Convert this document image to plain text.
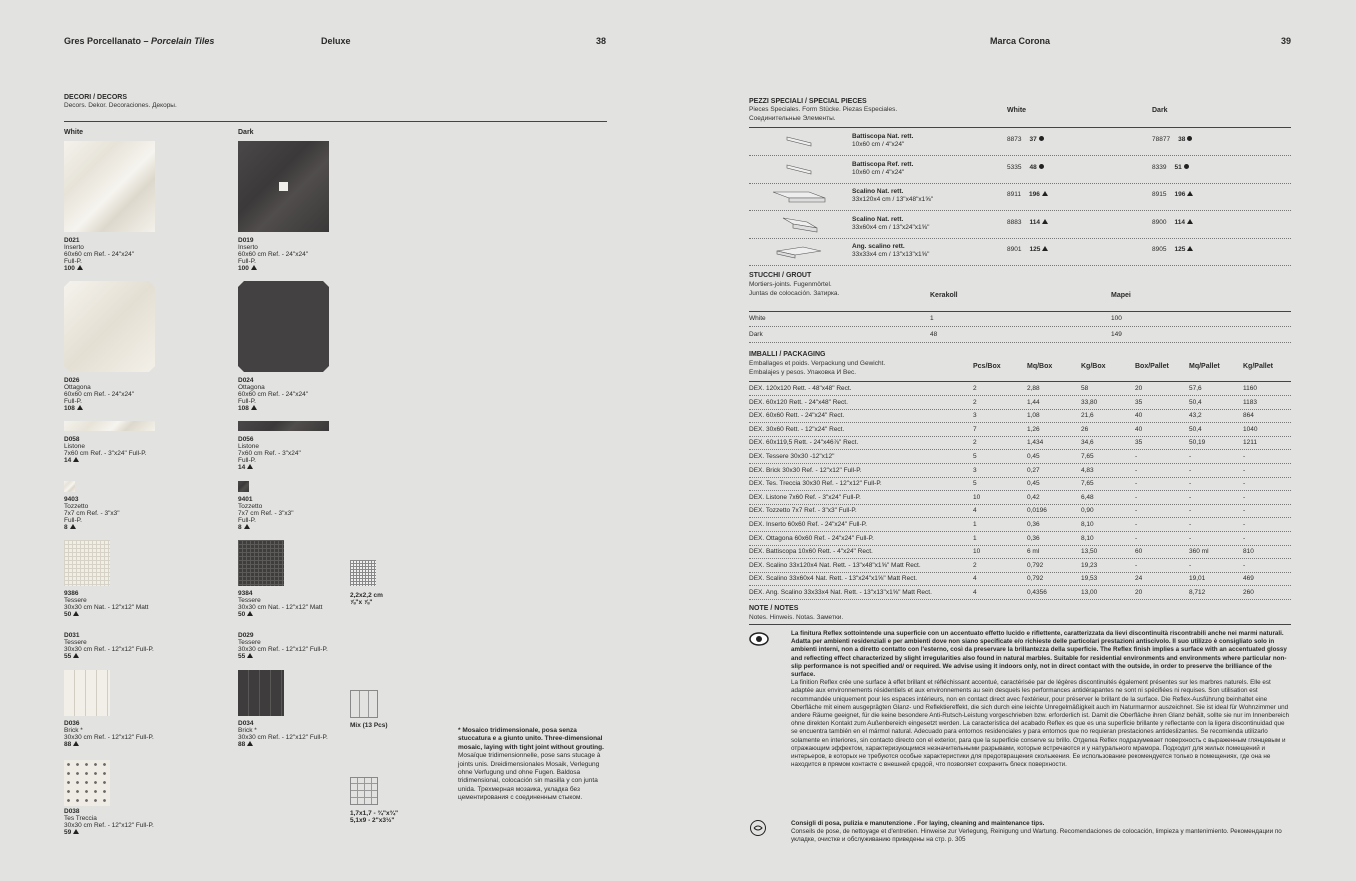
Gres Porcellanato – Porcelain Tiles	Deluxe	38	Marca Corona	39
DECORI / DECORS
Decors. Dekor. Decoraciones. Декоры.
White	Dark
2,2x2,2 cm
⅞"x ⅞"
Mix (13 Pcs)
1,7x1,7 - ¾"x¾"
5,1x9 - 2"x3½"
D021
Inserto
60x60 cm Ref. - 24"x24"
Full-P.
100
D026
Ottagona
60x60 cm Ref. - 24"x24"
Full-P.
108
D058
Listone
7x60 cm Ref. - 3"x24" Full-P.
14
9403
Tozzetto
7x7 cm Ref. - 3"x3"
Full-P.
8
9386
Tessere
30x30 cm Nat. - 12"x12" Matt
50
D031
Tessere
30x30 cm Ref. - 12"x12" Full-P.
55
D036
Brick *
30x30 cm Ref. - 12"x12" Full-P.
88
D038
Tes Treccia
30x30 cm Ref. - 12"x12" Full-P.
59
D019
Inserto
60x60 cm Ref. - 24"x24"
Full-P.
100
D024
Ottagona
60x60 cm Ref. - 24"x24"
Full-P.
108
D056
Listone
7x60 cm Ref. - 3"x24"
Full-P.
14
9401
Tozzetto
7x7 cm Ref. - 3"x3"
Full-P.
8
9384
Tessere
30x30 cm Nat. - 12"x12" Matt
50
D029
Tessere
30x30 cm Ref. - 12"x12" Full-P.
55
D034
Brick *
30x30 cm Ref. - 12"x12" Full-P.
88
* Mosaico tridimensionale, posa senza stuccatura e a giunto unito. Three-dimensional mosaic, laying with tight joint without grouting. Mosaïque tridimensionnelle, pose sans stucage à joints unis. Dreidimensionales Mosaik, Verlegung ohne Verfugung und ohne Fugen. Baldosa tridimensional, colocación sin masilla y con junta unida. Трехмерная мозаика, укладка без цементирования с соединенным стыком.
PEZZI SPECIALI / SPECIAL PIECES
Pieces Speciales. Form Stücke. Piezas Especiales.
Соединительные Элементы.
White	Dark
Battiscopa Nat. rett.
10x60 cm / 4"x24"
8873 37	78877 38
Battiscopa Ref. rett.
10x60 cm / 4"x24"
5335 48	8339 51
Scalino Nat. rett.
33x120x4 cm / 13"x48"x1⅝"
8911 196	8915 196
Scalino Nat. rett.
33x60x4 cm / 13"x24"x1⅝"
8883 114	8900 114
Ang. scalino rett.
33x33x4 cm / 13"x13"x1⅝"
8901 125	8905 125
STUCCHI / GROUT
Mortiers-joints. Fugenmörtel.
Juntas de colocación. Затирка.	Kerakoll	Mapei
White	1	100
Dark	48	149
IMBALLI / PACKAGING
Emballages et poids. Verpackung und Gewicht.
Embalajes y pesos. Упаковка И Вес.
Pcs/Box	Mq/Box	Kg/Box	Box/Pallet	Mq/Pallet	Kg/Pallet
DEX. 120x120 Rett. - 48"x48" Rect.	2	2,88	58	20	57,6	1160
DEX. 60x120 Rett. - 24"x48" Rect.	2	1,44	33,80	35	50,4	1183
DEX. 60x60 Rett. - 24"x24" Rect.	3	1,08	21,6	40	43,2	864
DEX. 30x60 Rett. - 12"x24" Rect.	7	1,26	26	40	50,4	1040
DEX. 60x119,5 Rett. - 24"x46⅞" Rect.	2	1,434	34,6	35	50,19	1211
DEX. Tessere 30x30 -12"x12"	5	0,45	7,65	-	-	-
DEX. Brick 30x30 Ref. - 12"x12" Full-P.	3	0,27	4,83	-	-	-
DEX. Tes. Treccia 30x30 Ref. - 12"x12" Full-P.	5	0,45	7,65	-	-	-
DEX. Listone 7x60 Ref. - 3"x24" Full-P.	10	0,42	6,48	-	-	-
DEX. Tozzetto 7x7 Ref. - 3"x3" Full-P.	4	0,0196	0,90	-	-	-
DEX. Inserto 60x60 Ref. - 24"x24" Full-P.	1	0,36	8,10	-	-	-
DEX. Ottagona 60x60 Ref. - 24"x24" Full-P.	1	0,36	8,10	-	-	-
DEX. Battiscopa 10x60 Rett. - 4"x24" Rect.	10	6 ml	13,50	60	360 ml	810
DEX. Scalino 33x120x4 Nat. Rett. - 13"x48"x1⅝" Matt Rect.	2	0,792	19,23	-	-	-
DEX. Scalino 33x60x4 Nat. Rett. - 13"x24"x1⅝" Matt Rect.	4	0,792	19,53	24	19,01	469
DEX. Ang. Scalino 33x33x4 Nat. Rett. - 13"x13"x1⅝" Matt Rect.	4	0,4356	13,00	20	8,712	260
NOTE / NOTES
Notes. Hinweis. Notas. Заметки.
La finitura Reflex sottointende una superficie con un accentuato effetto lucido e riflettente, caratterizzata da lievi discontinuità riscontrabili anche nei marmi naturali. Adatta per ambienti residenziali e per ambienti dove non siano specificate e/o richieste delle particolari prestazioni antiscivolo. Il suo utilizzo è consigliato solo in ambienti interni, non a diretto contatto con l'esterno, così da preservare la brillantezza della superficie. The Reflex finish implies a surface with an accentuated glossy and reflecting effect characterized by slight irregularities also found in natural marbles. Suitable for residential environments and environments where particular non-slip performance is not specified and/ or required. We advise using it indoors only, not in direct contact with the outside, in order to preserve the brilliance of the surface.
La finition Reflex crée une surface à effet brillant et réfléchissant accentué, caractérisée par de légères discontinuités également présentes sur les marbres naturels. Elle est adaptée aux environnements résidentiels et aux environnements au sein desquels les performances antidérapantes ne sont ni spécifiées ni requises. Son utilisation est recommandée uniquement pour les espaces intérieurs, non en contact direct avec l'extérieur, pour préserver le brillant de la surface. Die Reflex-Ausführung beinhaltet eine Oberfläche mit einem ausgeprägten Glanz- und Reflektiereffekt, die sich durch eine leichte Unregelmäßigkeit auch im Naturmarmor auszeichnet. Sie ist ideal für Wohnzimmer und andere Räume geeignet, für die keine besondere Anti-Rutsch-Leistung vorgeschrieben bzw. erforderlich ist. Damit die Oberfläche ihren Glanz behält, sollte sie nur im Innenbereich ohne direkten Kontakt zum Außenbereich eingesetzt werden. La característica del acabado Reflex es que es una superficie brillante y reflectante con la ligera discontinuidad que se encuentra también en el mármol natural. Adecuado para entornos residenciales y para entornos que no requieran prestaciones antideslizantes. Se recomienda utilizarlo solamente en interiores, sin contacto directo con el exterior, para que la superficie conserve su brillo. Отделка Reflex подразумевает поверхность с выраженным глянцевым и отражающим эффектом, характеризующимся незначительными разрывами, которые встречаются и у натурального мрамора. Подходит для жилых помещений и интерьеров, в которых не требуются особые характеристики для предотвращения скольжения. Ее использование рекомендуется только в помещениях, где она не находится в прямом контакте с внешней средой, что позволяет сохранить блеск поверхности.
Consigli di posa, pulizia e manutenzione . For laying, cleaning and maintenance tips.
Conseils de pose, de nettoyage et d'entretien. Hinweise zur Verlegung, Reinigung und Wartung. Recomendaciones de colocación, limpieza y mantenimiento. Рекомендации по укладке, очистке и обслуживанию приведены на стр. р. 305
